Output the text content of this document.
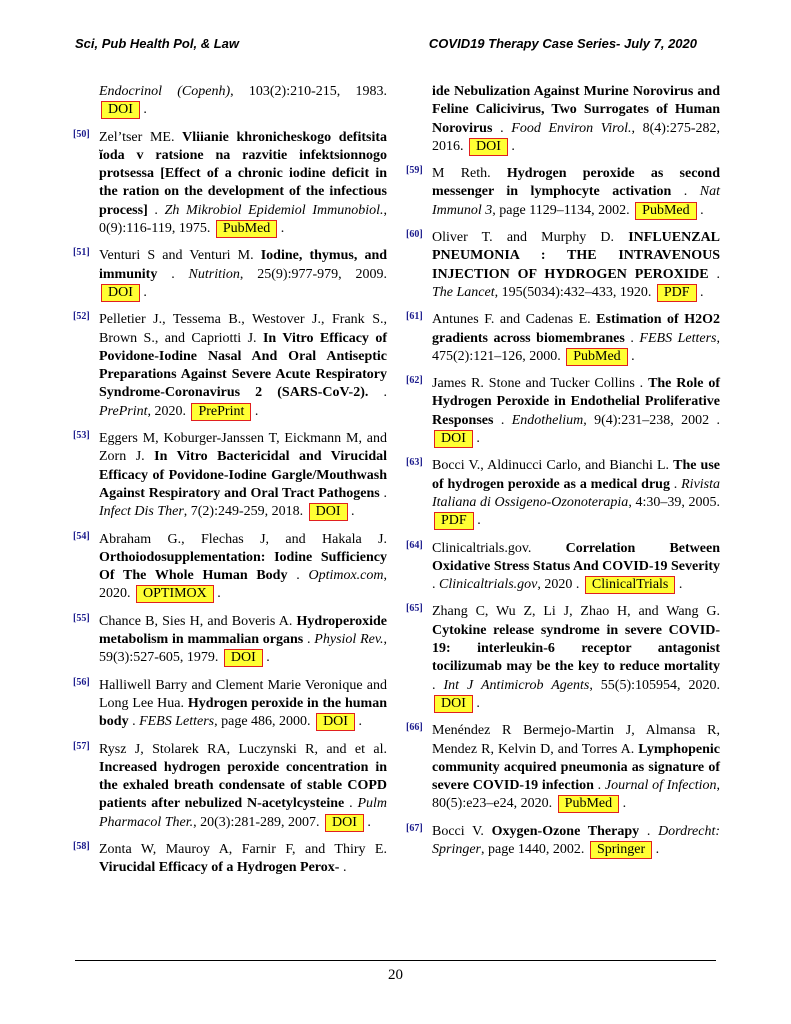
Sci, Pub Health Pol, & Law	COVID19 Therapy Case Series- July 7, 2020
Endocrinol (Copenh), 103(2):210-215, 1983. DOI .
[50] Zel’tser ME. Vliianie khronicheskogo defitsita ĭoda v ratsione na razvitie infektsionnogo protsessa [Effect of a chronic iodine deficit in the ration on the development of the infectious process] . Zh Mikrobiol Epidemiol Immunobiol., 0(9):116-119, 1975. PubMed .
[51] Venturi S and Venturi M. Iodine, thymus, and immunity . Nutrition, 25(9):977-979, 2009. DOI .
[52] Pelletier J., Tessema B., Westover J., Frank S., Brown S., and Capriotti J. In Vitro Efficacy of Povidone-Iodine Nasal And Oral Antiseptic Preparations Against Severe Acute Respiratory Syndrome-Coronavirus 2 (SARS-CoV-2). . PrePrint, 2020. PrePrint .
[53] Eggers M, Koburger-Janssen T, Eickmann M, and Zorn J. In Vitro Bactericidal and Virucidal Efficacy of Povidone-Iodine Gargle/Mouthwash Against Respiratory and Oral Tract Pathogens . Infect Dis Ther, 7(2):249-259, 2018. DOI .
[54] Abraham G., Flechas J, and Hakala J. Orthoiodosupplementation: Iodine Sufficiency Of The Whole Human Body . Optimox.com, 2020. OPTIMOX .
[55] Chance B, Sies H, and Boveris A. Hydroperoxide metabolism in mammalian organs . Physiol Rev., 59(3):527-605, 1979. DOI .
[56] Halliwell Barry and Clement Marie Veronique and Long Lee Hua. Hydrogen peroxide in the human body . FEBS Letters, page 486, 2000. DOI .
[57] Rysz J, Stolarek RA, Luczynski R, and et al. Increased hydrogen peroxide concentration in the exhaled breath condensate of stable COPD patients after nebulized N-acetylcysteine . Pulm Pharmacol Ther., 20(3):281-289, 2007. DOI .
[58] Zonta W, Mauroy A, Farnir F, and Thiry E. Virucidal Efficacy of a Hydrogen Perox- .
ide Nebulization Against Murine Norovirus and Feline Calicivirus, Two Surrogates of Human Norovirus . Food Environ Virol., 8(4):275-282, 2016. DOI .
[59] M Reth. Hydrogen peroxide as second messenger in lymphocyte activation . Nat Immunol 3, page 1129–1134, 2002. PubMed .
[60] Oliver T. and Murphy D. INFLUENZAL PNEUMONIA : THE INTRAVENOUS INJECTION OF HYDROGEN PEROXIDE . The Lancet, 195(5034):432–433, 1920. PDF .
[61] Antunes F. and Cadenas E. Estimation of H2O2 gradients across biomembranes . FEBS Letters, 475(2):121–126, 2000. PubMed .
[62] James R. Stone and Tucker Collins . The Role of Hydrogen Peroxide in Endothelial Proliferative Responses . Endothelium, 9(4):231–238, 2002 . DOI .
[63] Bocci V., Aldinucci Carlo, and Bianchi L. The use of hydrogen peroxide as a medical drug . Rivista Italiana di Ossigeno-Ozonoterapia, 4:30–39, 2005. PDF .
[64] Clinicaltrials.gov. Correlation Between Oxidative Stress Status And COVID-19 Severity . Clinicaltrials.gov, 2020 . ClinicalTrials .
[65] Zhang C, Wu Z, Li J, Zhao H, and Wang G. Cytokine release syndrome in severe COVID-19: interleukin-6 receptor antagonist tocilizumab may be the key to reduce mortality . Int J Antimicrob Agents, 55(5):105954, 2020. DOI .
[66] Menéndez R Bermejo-Martin J, Almansa R, Mendez R, Kelvin D, and Torres A. Lymphopenic community acquired pneumonia as signature of severe COVID-19 infection . Journal of Infection, 80(5):e23–e24, 2020. PubMed .
[67] Bocci V. Oxygen-Ozone Therapy . Dordrecht: Springer, page 1440, 2002. Springer .
20
